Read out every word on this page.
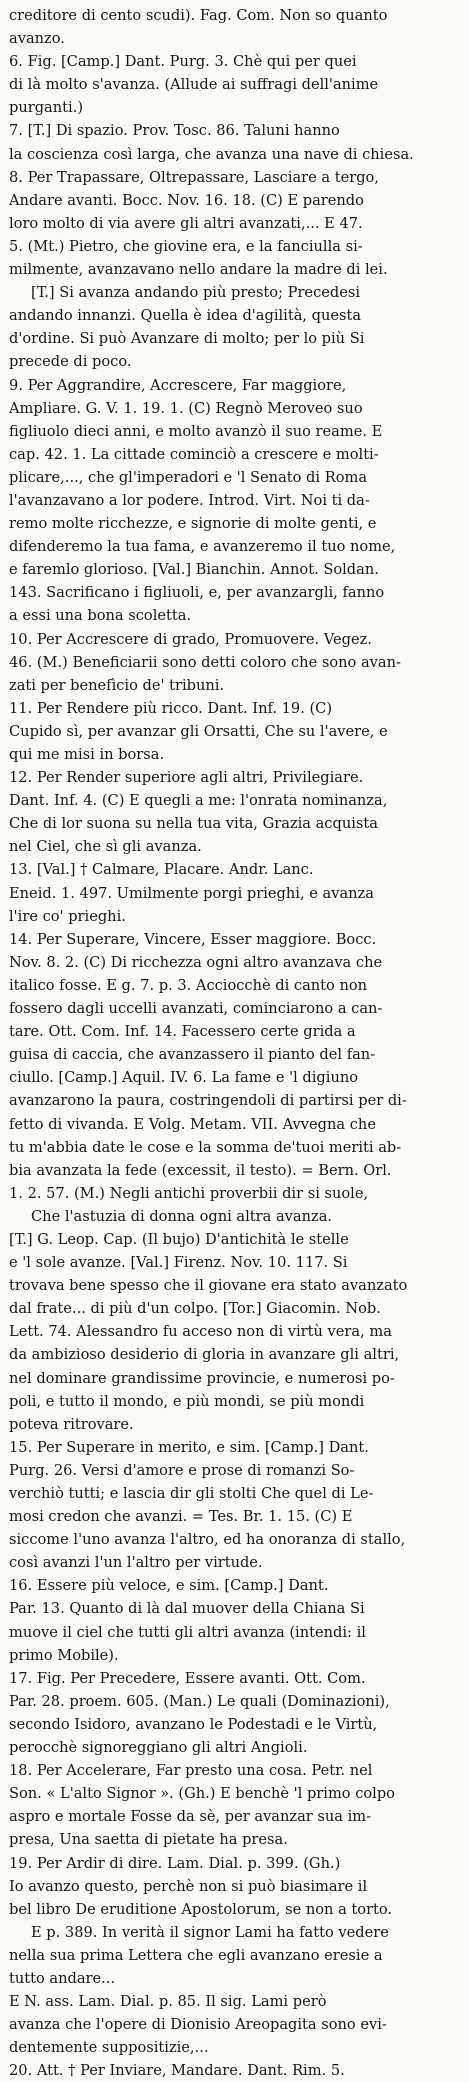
creditore di cento scudi). Fag. Com. Non so quanto
avanzo.
6. Fig. [Camp.] Dant. Purg. 3. Chè qui per quei
di là molto s'avanza. (Allude ai suffragi dell'anime
purganti.)
7. [T.] Di spazio. Prov. Tosc. 86. Taluni hanno
la coscienza così larga, che avanza una nave di chiesa.
8. Per Trapassare, Oltrepassare, Lasciare a tergo,
Andare avanti. Bocc. Nov. 16. 18. (C) E parendo
loro molto di via avere gli altri avanzati,... E 47.
5. (Mt.) Pietro, che giovine era, e la fanciulla si-
milmente, avanzavano nello andare la madre di lei.
[T.] Si avanza andando più presto; Precedesi
andando innanzi. Quella è idea d'agilità, questa
d'ordine. Si può Avanzare di molto; per lo più Si
precede di poco.
9. Per Aggrandire, Accrescere, Far maggiore,
Ampliare. G. V. 1. 19. 1. (C) Regnò Meroveo suo
figliuolo dieci anni, e molto avanzò il suo reame. E
cap. 42. 1. La cittade cominciò a crescere e molti-
plicare,..., che gl'imperadori e 'l Senato di Roma
l'avanzavano a lor podere. Introd. Virt. Noi ti da-
remo molte ricchezze, e signorie di molte genti, e
difenderemo la tua fama, e avanzeremo il tuo nome,
e faremlo glorioso. [Val.] Bianchin. Annot. Soldan.
143. Sacrificano i figliuoli, e, per avanzargli, fanno
a essi una bona scoletta.
10. Per Accrescere di grado, Promuovere. Vegez.
46. (M.) Beneficiarii sono detti coloro che sono avan-
zati per benefìcio de' tribuni.
11. Per Rendere più ricco. Dant. Inf. 19. (C)
Cupido sì, per avanzar gli Orsatti, Che su l'avere, e
qui me misi in borsa.
12. Per Render superiore agli altri, Privilegiare.
Dant. Inf. 4. (C) E quegli a me: l'onrata nominanza,
Che di lor suona su nella tua vita, Grazia acquista
nel Ciel, che sì gli avanza.
13. [Val.] † Calmare, Placare. Andr. Lanc.
Eneid. 1. 497. Umilmente porgi prieghi, e avanza
l'ire co' prieghi.
14. Per Superare, Vincere, Esser maggiore. Bocc.
Nov. 8. 2. (C) Di ricchezza ogni altro avanzava che
italico fosse. E g. 7. p. 3. Acciocchè di canto non
fossero dagli uccelli avanzati, cominciarono a can-
tare. Ott. Com. Inf. 14. Facessero certe grida a
guisa di caccia, che avanzassero il pianto del fan-
ciullo. [Camp.] Aquil. IV. 6. La fame e 'l digiuno
avanzarono la paura, costringendoli di partirsi per di-
fetto di vivanda. E Volg. Metam. VII. Avvegna che
tu m'abbia date le cose e la somma de'tuoi meriti ab-
bia avanzata la fede (excessit, il testo). = Bern. Orl.
1. 2. 57. (M.) Negli antichi proverbii dir si suole,
Che l'astuzia di donna ogni altra avanza.
[T.] G. Leop. Cap. (Il bujo) D'antichità le stelle
e 'l sole avanze. [Val.] Firenz. Nov. 10. 117. Si
trovava bene spesso che il giovane era stato avanzato
dal frate... di più d'un colpo. [Tor.] Giacomin. Nob.
Lett. 74. Alessandro fu acceso non di virtù vera, ma
da ambizioso desiderio di gloria in avanzare gli altri,
nel dominare grandissime provincie, e numerosi po-
poli, e tutto il mondo, e più mondi, se più mondi
poteva ritrovare.
15. Per Superare in merito, e sim. [Camp.] Dant.
Purg. 26. Versi d'amore e prose di romanzi So-
verchiò tutti; e lascia dir gli stolti Che quel di Le-
mosi credon che avanzi. = Tes. Br. 1. 15. (C) E
siccome l'uno avanza l'altro, ed ha onoranza di stallo,
così avanzi l'un l'altro per virtude.
16. Essere più veloce, e sim. [Camp.] Dant.
Par. 13. Quanto di là dal muover della Chiana Si
muove il ciel che tutti gli altri avanza (intendi: il
primo Mobile).
17. Fig. Per Precedere, Essere avanti. Ott. Com.
Par. 28. proem. 605. (Man.) Le quali (Dominazioni),
secondo Isidoro, avanzano le Podestadi e le Virtù,
perocchè signoreggiano gli altri Angioli.
18. Per Accelerare, Far presto una cosa. Petr. nel
Son. « L'alto Signor ». (Gh.) E benchè 'l primo colpo
aspro e mortale Fosse da sè, per avanzar sua im-
presa, Una saetta di pietate ha presa.
19. Per Ardir di dire. Lam. Dial. p. 399. (Gh.)
Io avanzo questo, perchè non si può biasimare il
bel libro De eruditione Apostolorum, se non a torto.
E p. 389. In verità il signor Lami ha fatto vedere
nella sua prima Lettera che egli avanzano eresie a
tutto andare...
E N. ass. Lam. Dial. p. 85. Il sig. Lami però
avanza che l'opere di Dionisio Areopagita sono evi-
dentemente suppositizie,...
20. Att. † Per Inviare, Mandare. Dant. Rim. 5.
